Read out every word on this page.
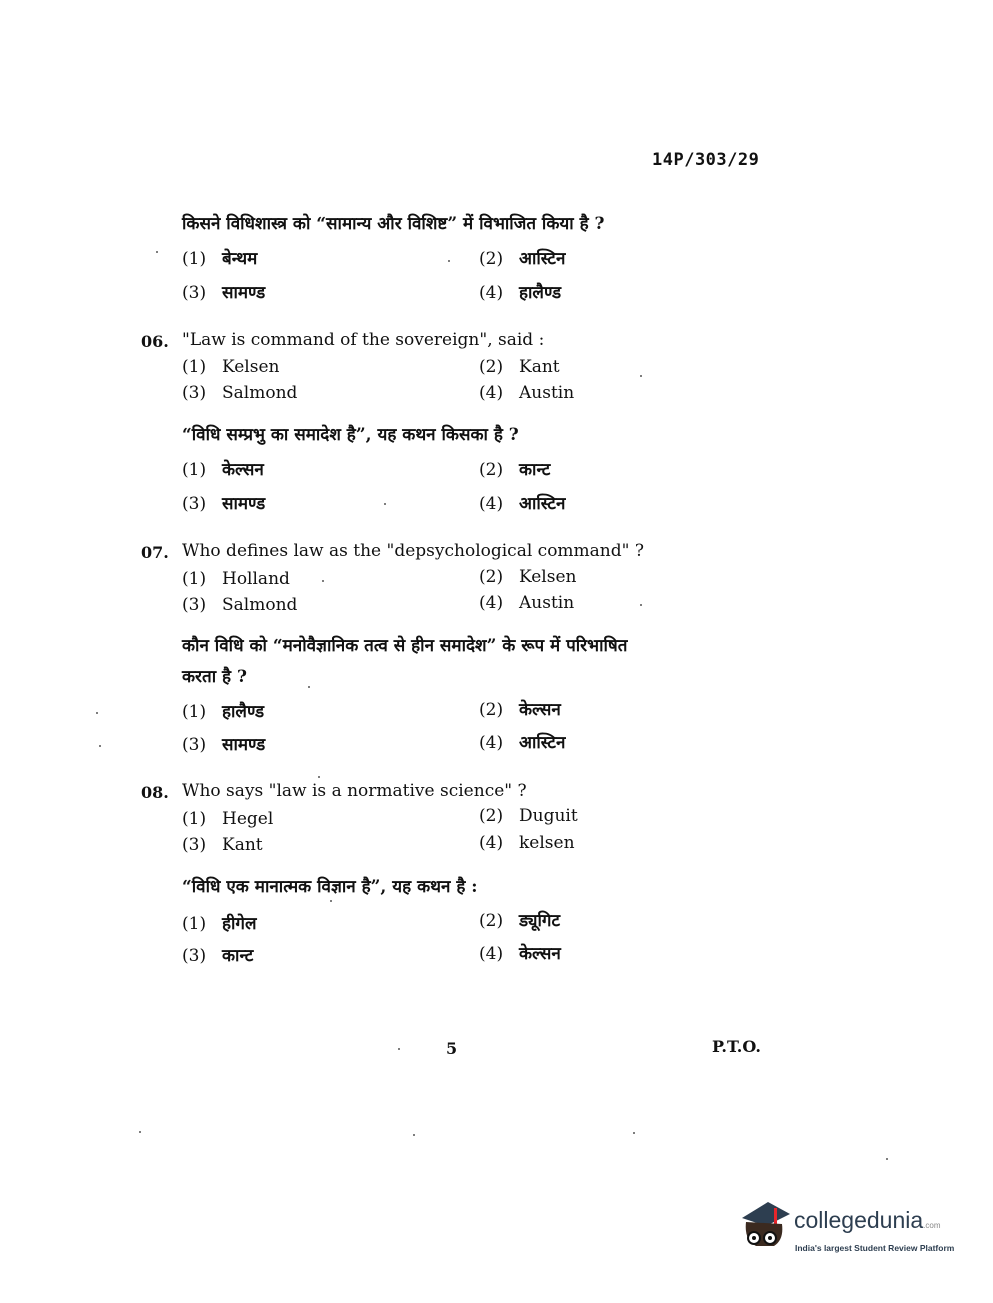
14P/303/29
किसने विधिशास्त्र को “सामान्य और विशिष्ट” में विभाजित किया है ?
(1) बेन्थम	(2) आस्टिन
(3) सामण्ड	(4) हालैण्ड
06. "Law is command of the sovereign", said :
(1) Kelsen	(2) Kant
(3) Salmond	(4) Austin
“विधि सम्प्रभु का समादेश है”, यह कथन किसका है ?
(1) केल्सन	(2) कान्ट
(3) सामण्ड	(4) आस्टिन
07. Who defines law as the "depsychological command" ?
(1) Holland	(2) Kelsen
(3) Salmond	(4) Austin
कौन विधि को “मनोवैज्ञानिक तत्व से हीन समादेश” के रूप में परिभाषित
करता है ?
(1) हालैण्ड	(2) केल्सन
(3) सामण्ड	(4) आस्टिन
08. Who says "law is a normative science" ?
(1) Hegel	(2) Duguit
(3) Kant	(4) kelsen
“विधि एक मानात्मक विज्ञान है”, यह कथन है :
(1) हीगेल	(2) ड्यूगिट
(3) कान्ट	(4) केल्सन
5	P.T.O.
collegedunia.com
India's largest Student Review Platform
